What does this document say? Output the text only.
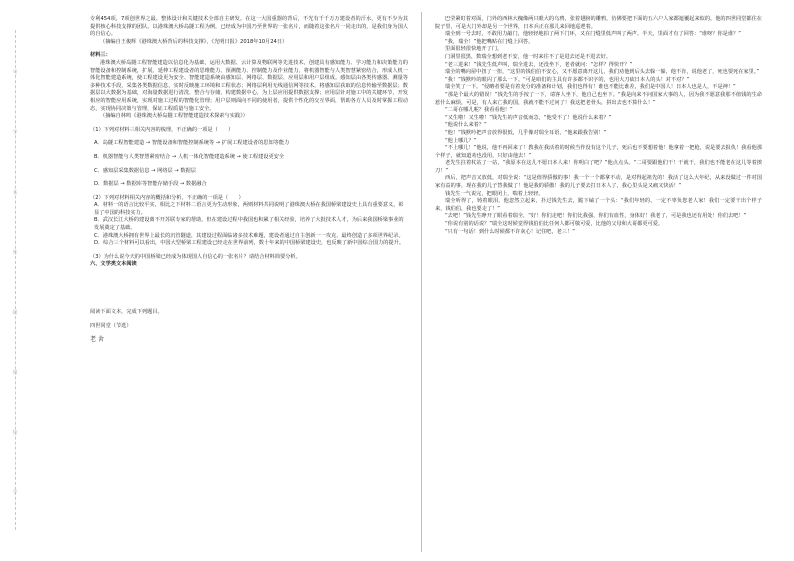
号
学
名
姓
级
班
校
学

专利454项，7项创世界之最。整体设计和关键技术全部自主研发。在这一大国重器的背后，不光有千千万万建设者的汗水，更有不少为其提供核心科技支撑的团队。以港珠澳大桥岛隧工程为例，已经成为中国乃至世界的一张名片，而随着这张名片一同走出的，是我们身为国人的自信心。

（摘编自王俊辉《港珠澳大桥背后的科技支撑》，《光明日报》2018年10月24日）

材料三：

港珠澳大桥岛隧工程智能建造以信息化为基础，运用大数据、云计算及物联网等先进技术，创建具有感知能力、学习能力和决策能力的智能设备和控制系统，扩展、延伸工程建设者的思维能力、预测能力、控制能力及作业能力，将机器智能与人类智慧紧密结合，形成人机一体化智能建造系统，使工程建设更为安全、智能建造系统由感知层、网络层、数据层、应用层和用户层组成。感知层由各类传感器、测量等多种技术手段，采集各类数据信息，实时反映施工环境和工程状态；网络层利用无线通信网等技术，将感知层获取的信息传输至数据层；数据层以大数据为基础，对海量数据进行清洗、整合与存储，构建数据中心，为上层应用提供数据支撑；应用层针对施工中的关键环节，开发相应的智能应用系统，实现对施工过程的智能化管理；用户层则面向不同的使用者，提供个性化的交互界面，帮助各方人员及时掌握工程动态，实现协同决策与管理，保证工程质量与施工安全。

（摘编自林鸣《港珠澳大桥岛隧工程智能建造技术探索与实践》）

（1）下列对材料三相关内容的梳理，不正确的一项是（　　）

A．岛隧工程智能建造 → 智能设备和智能控制系统等 → 扩展工程建设者的思知等能力

B．机器智能与人类智慧紧密结合 → 人机一体化智能建造系统 → 使工程建设更安全

C．感知层采集数据信息 → 网络层 → 数据层

D．数据层 → 数据库等智能存储手段 → 数据融合

（2）下列对材料相关内容的概括和分析，不正确的一项是（　　）

A．材料一的语言比较平实，相比之下材料二语言更为生动形象，两则材料共同说明了港珠澳大桥在我国桥梁建设史上具有重要意义，彰显了中国的科技实力。

B．武汉长江大桥的建设离不开苏联专家的帮助，但在建设过程中我国也积累了相关经验，培养了大批技术人才，为后来我国桥梁事业的发展奠定了基础。

C．港珠澳大桥拥有世界上最长的沉管隧道，其建设过程面临诸多技术难题，建设者通过自主创新一一攻克，最终创造了多项世界纪录。

D．综合三个材料可以看出，中国大型桥梁工程建设已经走在世界前列，数十年来的中国桥梁建设史，也反映了新中国综合国力的提升。

（3）为什么说今天的中国桥梁已经成为体现国人自信心的一张名片？请结合材料简要分析。

六、文学类文本阅读

阅读下面文本，完成下列题目。

四世同堂（节选）

老 舍

巴莹紧盯着对面，门外的西林大槐像两只眼大的乌鸦，张着翅膀的雕鸦，仿佛要把下面的五六户人家都遮覆起来似的。他的四世同堂都住在院子里，可是大门外却是另一个世界，日本兵正在那儿来回地巡逻着。

瑞全到一号去时，不敢用力敲门，他轻轻地拍了两下门环，又在门缝里低声叫了两声。半天，里面才有了回答：“谁呀？你是谁？”

“我，瑞全！”他把嘴贴在门缝上回答。

里面很轻很快地开了门。

门洞里很黑，数瑞全想到老不安，他一时来往不了是进去还是不进去好。

“老三进来！”钱先生低声叫，瑞全进去，还没坐下，老者就问：“怎样？得快开？”

瑞全的嘴向屋中扭了一扭，“这里的钱伯伯不安心，又不愿意离开这儿，我们劝他到后头去躲一躲，他不肯，说他老了，死也要死在家里。”

“我！”钱默吟的眼闪了那么一下。“可是咱们的主具有许多都不识字的，也用大刀砍日本人的头！对不对？”

瑞全笑了一下。“侵略者要是有着充分的准备和计划，我们也得有！谁也不能比谁差，我们是中国人！日本人也是人，不是神！”

“那是个最大的错误！”钱先生的手按了一下，请客人坐下，他自己也坐下。“我是向来不问国家大事的人，因为我不愿意我那不值钱的生命惹什么麻烦，可是，有人来亡我的国，我就不能不过问了！我这把老骨头，拼出去也不算什么！”

“二哥在哪儿呢？我看看他！”

“又生啦！又生啦！”钱先生的声音低而急，“他受不了！他说什么来着？”

“他说什么来着？”

“他！”钱默吟把声音放得很低，几乎像对瑞全耳语，“他来跟我告别！”

“他上哪儿？”

“不上哪儿！”他说，他不再回来了！教我在我活着的时候当作没有这个儿子，死后也不要想着他！他拿着一把枪，说是要去报仇！我看他那个样子，就知道劝也没用，只好由他去！”

老先生拄着杖站了一站，“我原本在这儿不愿日本人来！你明白了吧？”他点点头。“二哥要跟他们干！干就干，我们也不能老在这儿等着挨刀！”

西后，把声音又放低，对瑞全说：“这是值得骄傲的事！我一个一个都拿不动，是对得起祖先的！我活了这么大年纪，从来没做过一件对国家有益的事，现在我的儿子替我做了！他是我的骄傲！我的儿子要去打日本人了，我心里头是又痛又快活！”

钱先生一气说完，把眼闭上，喘着上轻轻。

瑞全听得了，铸着眼泪，他忽然立起来，扑过钱先生去，跪下磕了一个头：“我们年轻的，一定不辜负您老人家！我们一定要干出个样子来，钱伯伯，我也要走了！”

“去吧！”钱先生睁开了眼看着瑞全，“好！你们走吧！你们比我强，你们有血性，身体好！我老了，可是我也还有用处！你们去吧！”

“你说有别的话说？”瑞全这时候觉得钱伯伯比任何人都可敬可爱，比他的父母和大哥都更可爱。

“只有一句话！到什么时候都不许灰心！记住吧，老三！”
